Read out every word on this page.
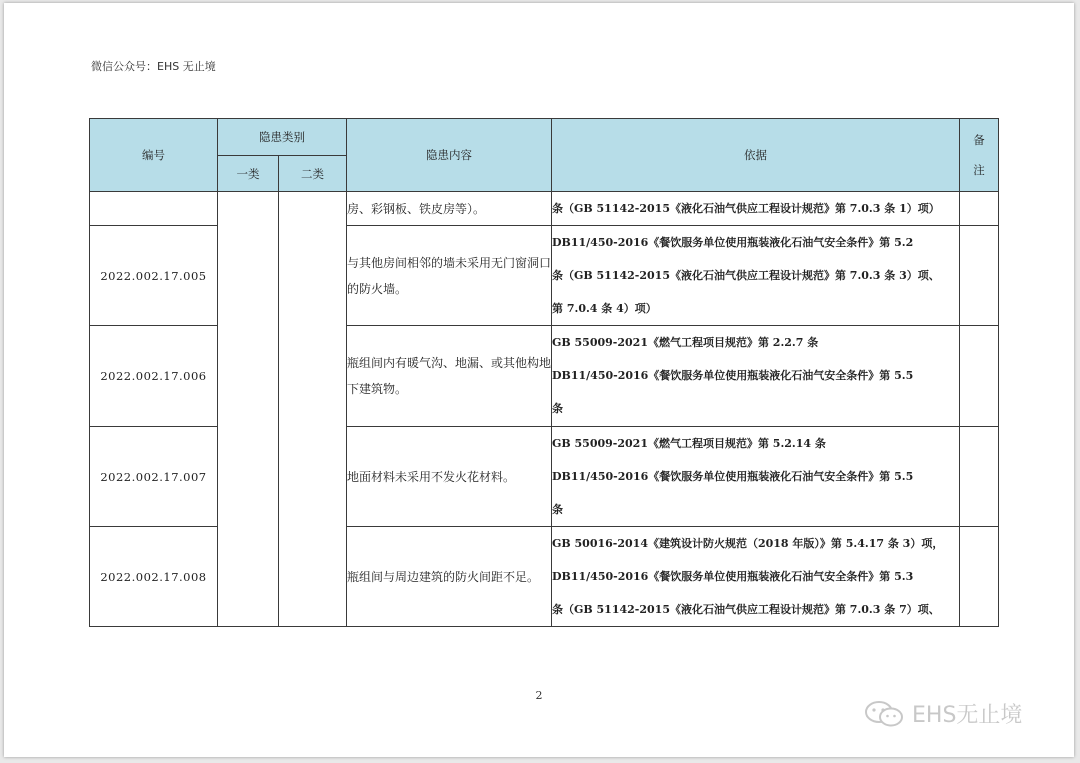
微信公众号：EHS 无止境
编号	隐患类别		隐患内容	依据	备
注

	一类	二类			
			房、彩钢板、铁皮房等）。	条（GB 51142-2015《液化石油气供应工程设计规范》第 7.0.3 条 1）项）	

2022.002.17.005			与其他房间相邻的墙未采用无门窗洞口的防火墙。	DB11/450-2016《餐饮服务单位使用瓶装液化石油气安全条件》第 5.2
条（GB 51142-2015《液化石油气供应工程设计规范》第 7.0.3 条 3）项、
第 7.0.4 条 4）项）	

2022.002.17.006			瓶组间内有暖气沟、地漏、或其他构地下建筑物。	GB 55009-2021《燃气工程项目规范》第 2.2.7 条
DB11/450-2016《餐饮服务单位使用瓶装液化石油气安全条件》第 5.5
条	

2022.002.17.007			地面材料未采用不发火花材料。	GB 55009-2021《燃气工程项目规范》第 5.2.14 条
DB11/450-2016《餐饮服务单位使用瓶装液化石油气安全条件》第 5.5
条	

2022.002.17.008			瓶组间与周边建筑的防火间距不足。	GB 50016-2014《建筑设计防火规范（2018 年版）》第 5.4.17 条 3）项，
DB11/450-2016《餐饮服务单位使用瓶装液化石油气安全条件》第 5.3
条（GB 51142-2015《液化石油气供应工程设计规范》第 7.0.3 条 7）项、	

2
EHS无止境
